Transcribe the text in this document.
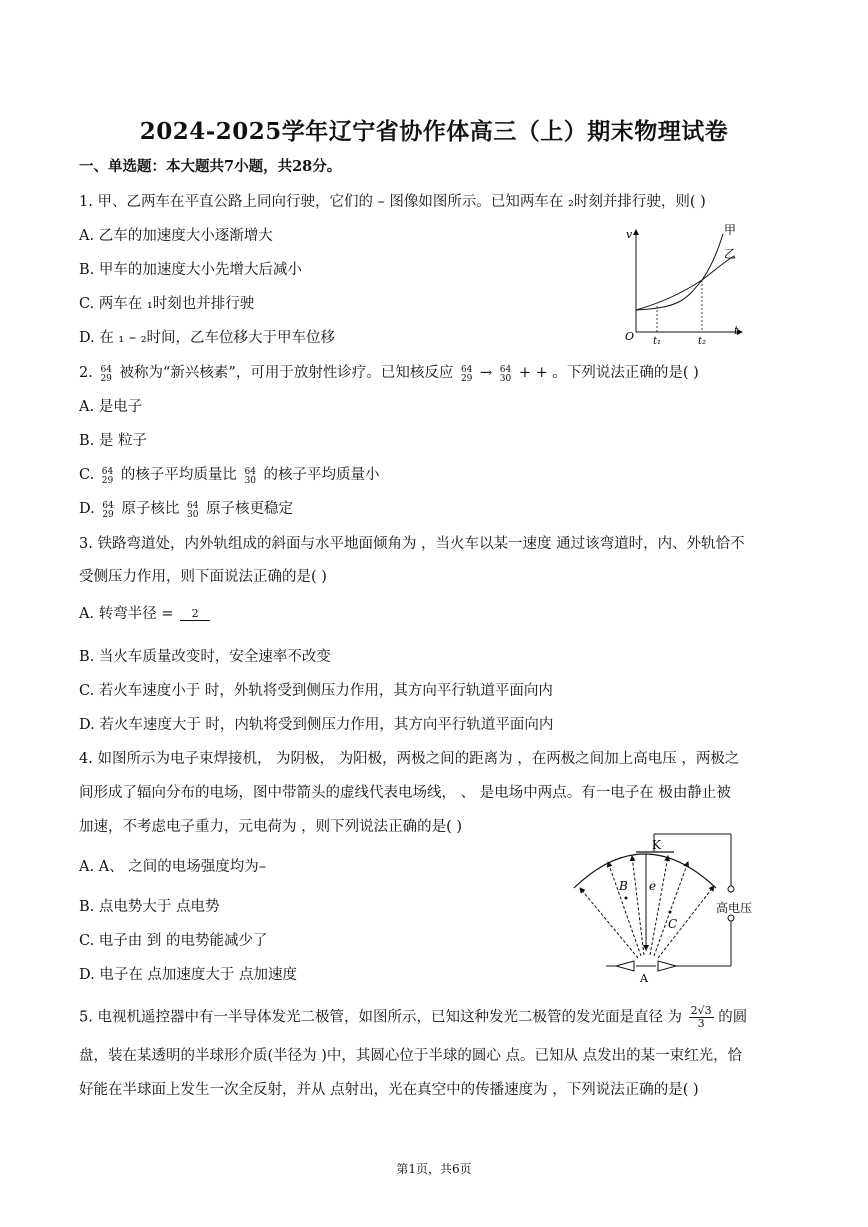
2024-2025学年辽宁省协作体高三（上）期末物理试卷
一、单选题：本大题共7小题，共28分。
1. 甲、乙两车在平直公路上同向行驶，它们的 – 图像如图所示。已知两车在 ₂时刻并排行驶，则( )
A. 乙车的加速度大小逐渐增大
B. 甲车的加速度大小先增大后减小
C. 两车在 ₁时刻也并排行驶
D. 在 ₁ – ₂时间，乙车位移大于甲车位移
v
t
O t₁	t₂
甲
乙
2. 64
29 被称为“新兴核素”，可用于放射性诊疗。已知核反应 64
29 → 64
30 + + 。下列说法正确的是( )
A. 是电子
B. 是 粒子
C. 64
29 的核子平均质量比 64
30 的核子平均质量小
D. 64
29 原子核比 64
30 原子核更稳定
3. 铁路弯道处，内外轨组成的斜面与水平地面倾角为 ，当火车以某一速度 通过该弯道时，内、外轨恰不
受侧压力作用，则下面说法正确的是( )
A. 转弯半径 =	2
B. 当火车质量改变时，安全速率不改变
C. 若火车速度小于 时，外轨将受到侧压力作用，其方向平行轨道平面向内
D. 若火车速度大于 时，内轨将受到侧压力作用，其方向平行轨道平面向内
4. 如图所示为电子束焊接机， 为阴极， 为阳极，两极之间的距离为 ，在两极之间加上高电压 ，两极之
间形成了辐向分布的电场，图中带箭头的虚线代表电场线， 、 是电场中两点。有一电子在 极由静止被
加速，不考虑电子重力，元电荷为 ，则下列说法正确的是( )
A. A、 之间的电场强度均为–
B. 点电势大于 点电势
C. 电子由 到 的电势能减少了
D. 电子在 点加速度大于 点加速度
K
高电压
A
B e
C
5. 电视机遥控器中有一半导体发光二极管，如图所示，已知这种发光二极管的发光面是直径 为 $\frac{2√3}{3}$ 的圆
盘，装在某透明的半球形介质(半径为 )中，其圆心位于半球的圆心 点。已知从 点发出的某一束红光，恰
好能在半球面上发生一次全反射，并从 点射出，光在真空中的传播速度为 ，下列说法正确的是( )
第1页，共6页
